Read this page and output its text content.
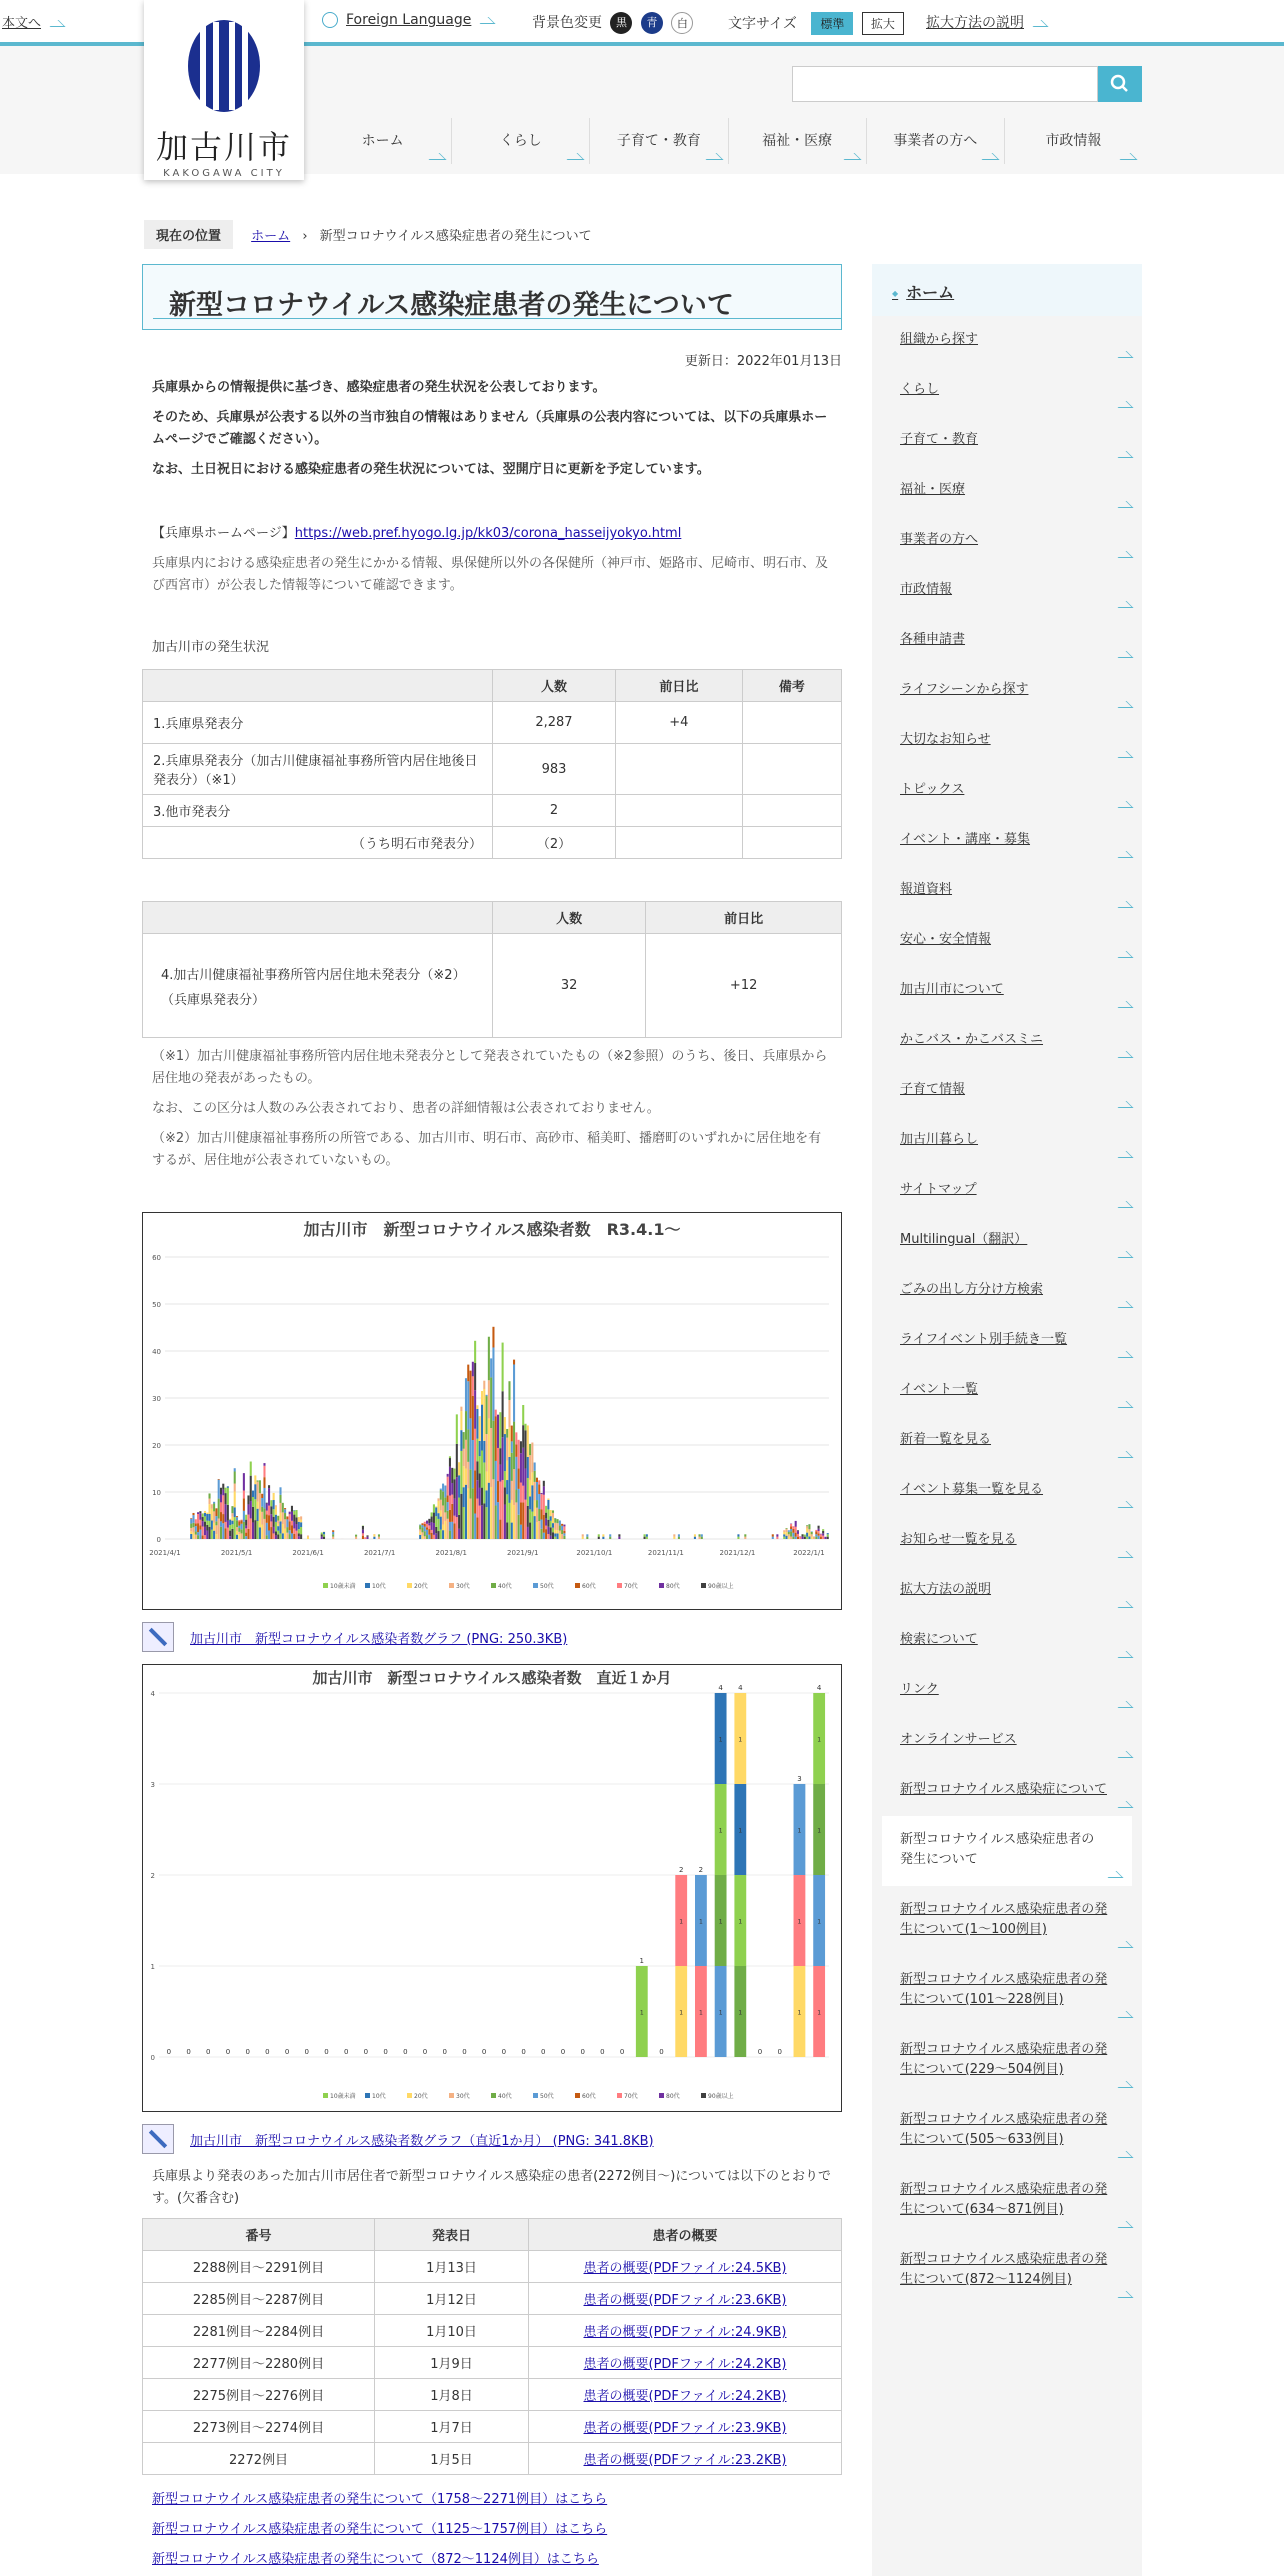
本文へ
加古川市
KAKOGAWA CITY
Foreign Language	背景色変更 黒 青 白	文字サイズ 標準 拡大	拡大方法の説明
ホーム	くらし	子育て・教育	福祉・医療	事業者の方へ	市政情報
現在の位置 ホーム › 新型コロナウイルス感染症患者の発生について
新型コロナウイルス感染症患者の発生について
更新日：2022年01月13日

兵庫県からの情報提供に基づき、感染症患者の発生状況を公表しております。

そのため、兵庫県が公表する以外の当市独自の情報はありません（兵庫県の公表内容については、以下の兵庫県ホームページでご確認ください）。

なお、土日祝日における感染症患者の発生状況については、翌開庁日に更新を予定しています。

【兵庫県ホームページ】https://web.pref.hyogo.lg.jp/kk03/corona_hasseijyokyo.html

兵庫県内における感染症患者の発生にかかる情報、県保健所以外の各保健所（神戸市、姫路市、尼崎市、明石市、及び西宮市）が公表した情報等について確認できます。

加古川市の発生状況

	人数	前日比	備考
1.兵庫県発表分	2,287	+4	
2.兵庫県発表分（加古川健康福祉事務所管内居住地後日発表分）（※1）	983		
3.他市発表分	2		
（うち明石市発表分）	（2）		
	人数	前日比

4.加古川健康福祉事務所管内居住地未発表分（※2）
（兵庫県発表分）	32	+12

（※1）加古川健康福祉事務所管内居住地未発表分として発表されていたもの（※2参照）のうち、後日、兵庫県から居住地の発表があったもの。

なお、この区分は人数のみ公表されており、患者の詳細情報は公表されておりません。

（※2）加古川健康福祉事務所の所管である、加古川市、明石市、高砂市、稲美町、播磨町のいずれかに居住地を有するが、居住地が公表されていないもの。

加古川市　新型コロナウイルス感染者数　R3.4.1～
0
10
20
30
40
50
60
2021/4/1	2021/5/1	2021/6/1	2021/7/1	2021/8/1	2021/9/1	2021/10/1	2021/11/1	2021/12/1	2022/1/1
10歳未満	10代	20代	30代	40代	50代	60代	70代	80代	90歳以上
加古川市　新型コロナウイルス感染者数グラフ (PNG: 250.3KB)
加古川市　新型コロナウイルス感染者数　直近１か月
0
1
2
3
4
0 0 0 0 0 0 0 0 0 0 0 0 0 0 0 0 0 0 0 0 0 0 0 0
1
1
0
1
1
2
1
1
2
1
1
1
1
4
1
1
1
1
4
0 0
1
1
1
3
1
1
1
1
4
10歳未満	10代	20代	30代	40代	50代	60代	70代	80代	90歳以上
加古川市　新型コロナウイルス感染者数グラフ（直近1か月） (PNG: 341.8KB)

兵庫県より発表のあった加古川市居住者で新型コロナウイルス感染症の患者(2272例目～)については以下のとおりです。(欠番含む)

番号	発表日	患者の概要
2288例目～2291例目	1月13日	患者の概要(PDFファイル:24.5KB)
2285例目～2287例目	1月12日	患者の概要(PDFファイル:23.6KB)
2281例目～2284例目	1月10日	患者の概要(PDFファイル:24.9KB)
2277例目～2280例目	1月9日	患者の概要(PDFファイル:24.2KB)
2275例目～2276例目	1月8日	患者の概要(PDFファイル:24.2KB)
2273例目～2274例目	1月7日	患者の概要(PDFファイル:23.9KB)
2272例目	1月5日	患者の概要(PDFファイル:23.2KB)
新型コロナウイルス感染症患者の発生について（1758～2271例目）はこちら
新型コロナウイルス感染症患者の発生について（1125～1757例目）はこちら
新型コロナウイルス感染症患者の発生について（872～1124例目）はこちら
◆ ホーム
組織から探す
くらし
子育て・教育
福祉・医療
事業者の方へ
市政情報
各種申請書
ライフシーンから探す
大切なお知らせ
トピックス
イベント・講座・募集
報道資料
安心・安全情報
加古川市について
かこバス・かこバスミニ
子育て情報
加古川暮らし
サイトマップ
Multilingual（翻訳）
ごみの出し方分け方検索
ライフイベント別手続き一覧
イベント一覧
新着一覧を見る
イベント募集一覧を見る
お知らせ一覧を見る
拡大方法の説明
検索について
リンク
オンラインサービス
新型コロナウイルス感染症について
新型コロナウイルス感染症患者の発生について
新型コロナウイルス感染症患者の発生について(1～100例目)
新型コロナウイルス感染症患者の発生について(101～228例目)
新型コロナウイルス感染症患者の発生について(229～504例目)
新型コロナウイルス感染症患者の発生について(505～633例目)
新型コロナウイルス感染症患者の発生について(634～871例目)
新型コロナウイルス感染症患者の発生について(872～1124例目)
